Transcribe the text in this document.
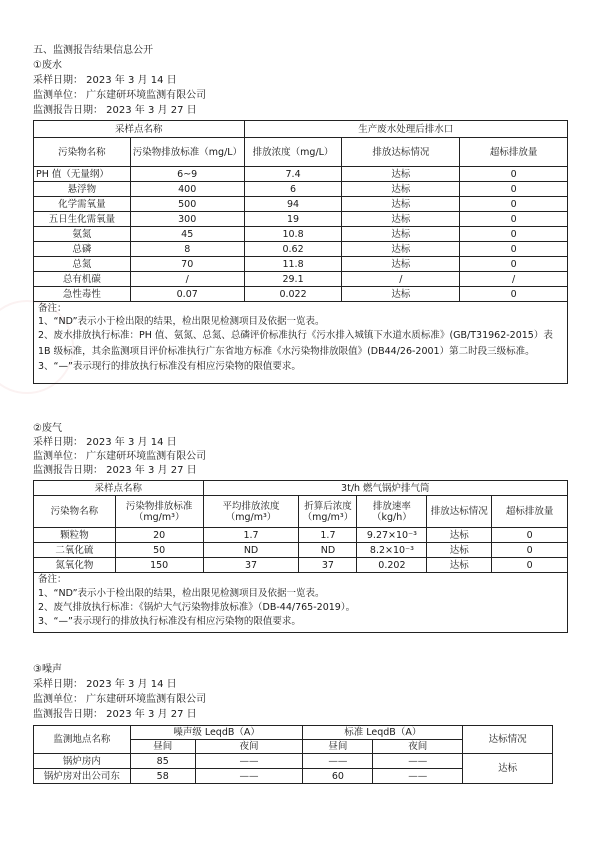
五、监测报告结果信息公开
①废水
采样日期： 2023 年 3 月 14 日
监测单位： 广东建研环境监测有限公司
监测报告日期： 2023 年 3 月 27 日
采样点名称		生产废水处理后排水口		
污染物名称	污染物排放标准（mg/L）	排放浓度（mg/L）	排放达标情况	超标排放量
PH 值（无量纲）	6~9	7.4	达标	0
悬浮物	400	6	达标	0
化学需氧量	500	94	达标	0
五日生化需氧量	300	19	达标	0
氨氮	45	10.8	达标	0
总磷	8	0.62	达标	0
总氮	70	11.8	达标	0
总有机碳	/	29.1	/	/
急性毒性	0.07	0.022	达标	0

备注：
1、“ND”表示小于检出限的结果，检出限见检测项目及依据一览表。
2、废水排放执行标准：PH 值、氨氮、总氮、总磷评价标准执行《污水排入城镇下水道水质标准》(GB/T31962-2015）表 1B 级标准，其余监测项目评价标准执行广东省地方标准《水污染物排放限值》(DB44/26-2001）第二时段三级标准。
3、“—”表示现行的排放执行标准没有相应污染物的限值要求。				
②废气
采样日期： 2023 年 3 月 14 日
监测单位： 广东建研环境监测有限公司
监测报告日期： 2023 年 3 月 27 日
采样点名称		3t/h 燃气锅炉排气筒				
污染物名称	污染物排放标准（mg/m³）	平均排放浓度（mg/m³）	折算后浓度（mg/m³）	排放速率（kg/h）	排放达标情况	超标排放量
颗粒物	20	1.7	1.7	9.27×10⁻³	达标	0
二氧化硫	50	ND	ND	8.2×10⁻³	达标	0
氮氧化物	150	37	37	0.202	达标	0

备注：
1、“ND”表示小于检出限的结果，检出限见检测项目及依据一览表。
2、废气排放执行标准：《锅炉大气污染物排放标准》（DB-44/765-2019）。
3、“—”表示现行的排放执行标准没有相应污染物的限值要求。						
③噪声
采样日期： 2023 年 3 月 14 日
监测单位： 广东建研环境监测有限公司
监测报告日期： 2023 年 3 月 27 日
监测地点名称	噪声级 LeqdB（A）		标准 LeqdB（A）		达标情况
	昼间	夜间	昼间	夜间	
锅炉房内	85	——	——	——	达标
锅炉房对出公司东	58	——	60	——	
